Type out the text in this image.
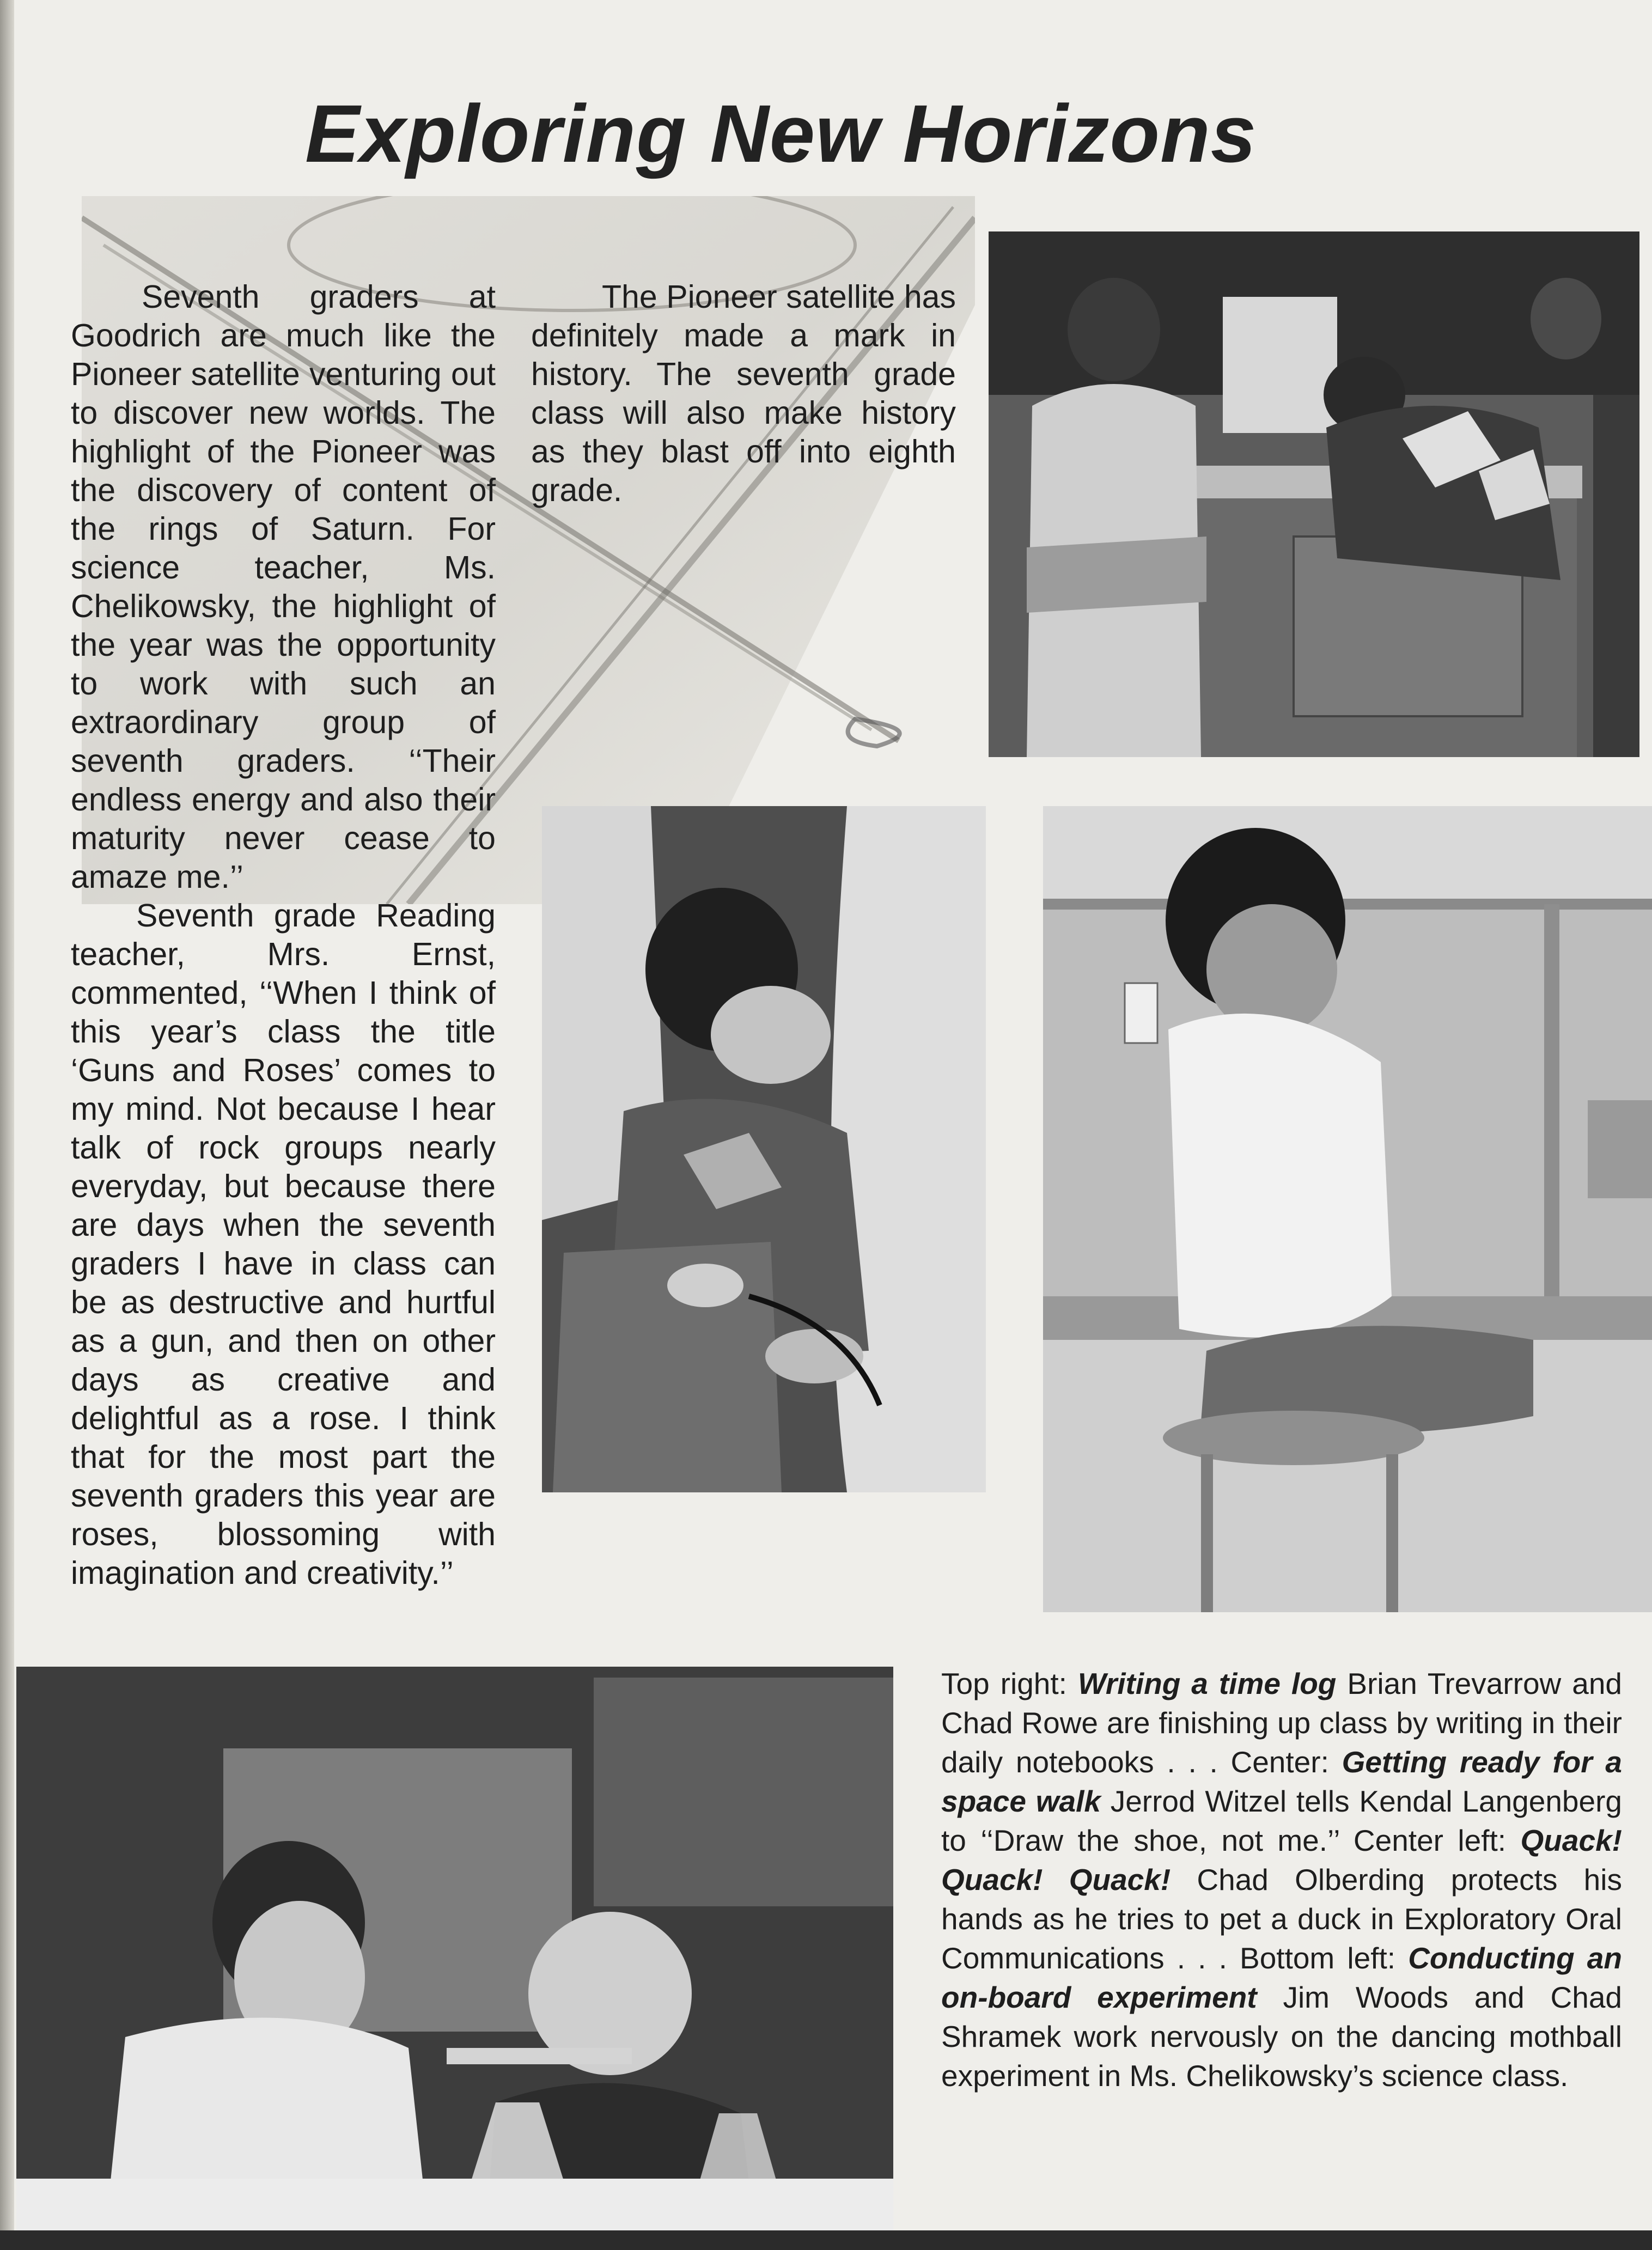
Exploring New Horizons

Seventh graders at Goodrich are much like the Pioneer satellite venturing out to discover new worlds. The highlight of the Pioneer was the discovery of content of the rings of Saturn. For science teacher, Ms. Chelikowsky, the highlight of the year was the opportunity to work with such an extraordinary group of seventh graders. ‘‘Their endless energy and also their maturity never cease to amaze me.’’

Seventh grade Reading teacher, Mrs. Ernst, commented, ‘‘When I think of this year’s class the title ‘Guns and Roses’ comes to my mind. Not because I hear talk of rock groups nearly everyday, but because there are days when the seventh graders I have in class can be as destructive and hurtful as a gun, and then on other days as creative and delightful as a rose. I think that for the most part the seventh graders this year are roses, blossoming with imagination and creativity.’’

The Pioneer satellite has definitely made a mark in history. The seventh grade class will also make history as they blast off into eighth grade.

Top right: Writing a time log Brian Trevarrow and Chad Rowe are finishing up class by writing in their daily notebooks . . . Center: Getting ready for a space walk Jerrod Witzel tells Kendal Langenberg to ‘‘Draw the shoe, not me.’’ Center left: Quack! Quack! Quack! Chad Olberding protects his hands as he tries to pet a duck in Exploratory Oral Communications . . . Bottom left: Conducting an on-board experiment Jim Woods and Chad Shramek work nervously on the dancing mothball experiment in Ms. Chelikowsky’s science class.
